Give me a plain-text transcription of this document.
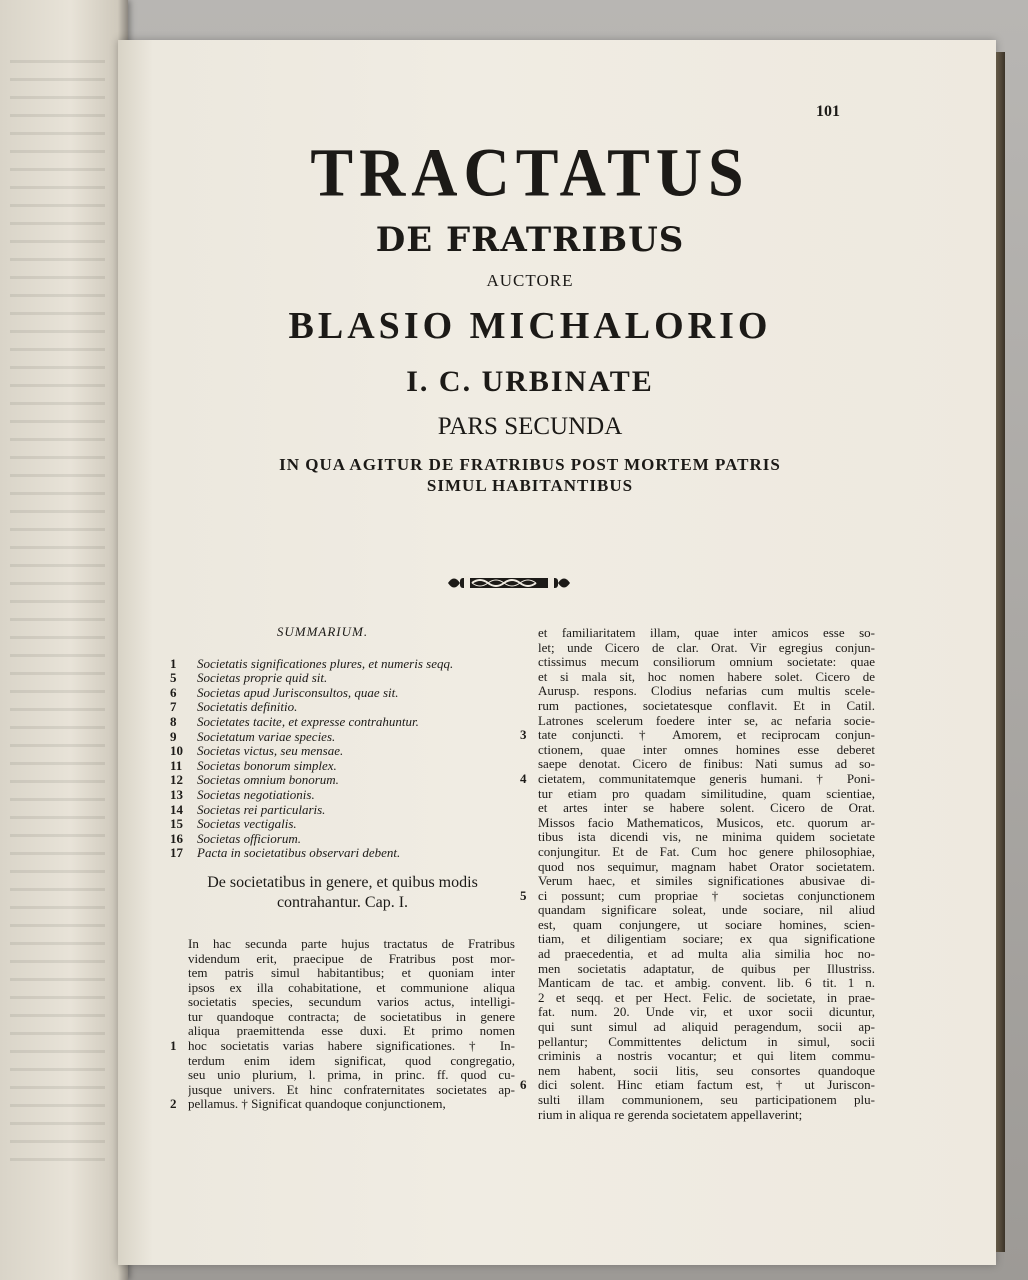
101
TRACTATUS
DE FRATRIBUS
AUCTORE
BLASIO MICHALORIO
I. C. URBINATE
PARS SECUNDA
IN QUA AGITUR DE FRATRIBUS POST MORTEM PATRIS
SIMUL HABITANTIBUS
SUMMARIUM.
1	Societatis significationes plures, et numeris seqq.
5	Societas proprie quid sit.
6	Societas apud Jurisconsultos, quae sit.
7	Societatis definitio.
8	Societates tacite, et expresse contrahuntur.
9	Societatum variae species.
10	Societas victus, seu mensae.
11	Societas bonorum simplex.
12	Societas omnium bonorum.
13	Societas negotiationis.
14	Societas rei particularis.
15	Societas vectigalis.
16	Societas officiorum.
17	Pacta in societatibus observari debent.
De societatibus in genere, et quibus modis
contrahantur. Cap. I.
In hac secunda parte hujus tractatus de Fratribus
videndum erit, praecipue de Fratribus post mor-
tem patris simul habitantibus; et quoniam inter
ipsos ex illa cohabitatione, et communione aliqua
societatis species, secundum varios actus, intelligi-
tur quandoque contracta; de societatibus in genere
aliqua praemittenda esse duxi. Et primo nomen
1 hoc societatis varias habere significationes. † In-
terdum enim idem significat, quod congregatio,
seu unio plurium, l. prima, in princ. ff. quod cu-
jusque univers. Et hinc confraternitates societates ap-
2 pellamus. † Significat quandoque conjunctionem,
et familiaritatem illam, quae inter amicos esse so-
let; unde Cicero de clar. Orat. Vir egregius conjun-
ctissimus mecum consiliorum omnium societate: quae
et si mala sit, hoc nomen habere solet. Cicero de
Aurusp. respons. Clodius nefarias cum multis scele-
rum pactiones, societatesque conflavit. Et in Catil.
Latrones scelerum foedere inter se, ac nefaria socie-
3 tate conjuncti. † Amorem, et reciprocam conjun-
ctionem, quae inter omnes homines esse deberet
saepe denotat. Cicero de finibus: Nati sumus ad so-
4 cietatem, communitatemque generis humani. † Poni-
tur etiam pro quadam similitudine, quam scientiae,
et artes inter se habere solent. Cicero de Orat.
Missos facio Mathematicos, Musicos, etc. quorum ar-
tibus ista dicendi vis, ne minima quidem societate
conjungitur. Et de Fat. Cum hoc genere philosophiae,
quod nos sequimur, magnam habet Orator societatem.
Verum haec, et similes significationes abusivae di-
5 ci possunt; cum propriae † societas conjunctionem
quandam significare soleat, unde sociare, nil aliud
est, quam conjungere, ut sociare homines, scien-
tiam, et diligentiam sociare; ex qua significatione
ad praecedentia, et ad multa alia similia hoc no-
men societatis adaptatur, de quibus per Illustriss.
Manticam de tac. et ambig. convent. lib. 6 tit. 1 n.
2 et seqq. et per Hect. Felic. de societate, in prae-
fat. num. 20. Unde vir, et uxor socii dicuntur,
qui sunt simul ad aliquid peragendum, socii ap-
pellantur; Committentes delictum in simul, socii
criminis a nostris vocantur; et qui litem commu-
nem habent, socii litis, seu consortes quandoque
6 dici solent. Hinc etiam factum est, † ut Juriscon-
sulti illam communionem, seu participationem plu-
rium in aliqua re gerenda societatem appellaverint;
